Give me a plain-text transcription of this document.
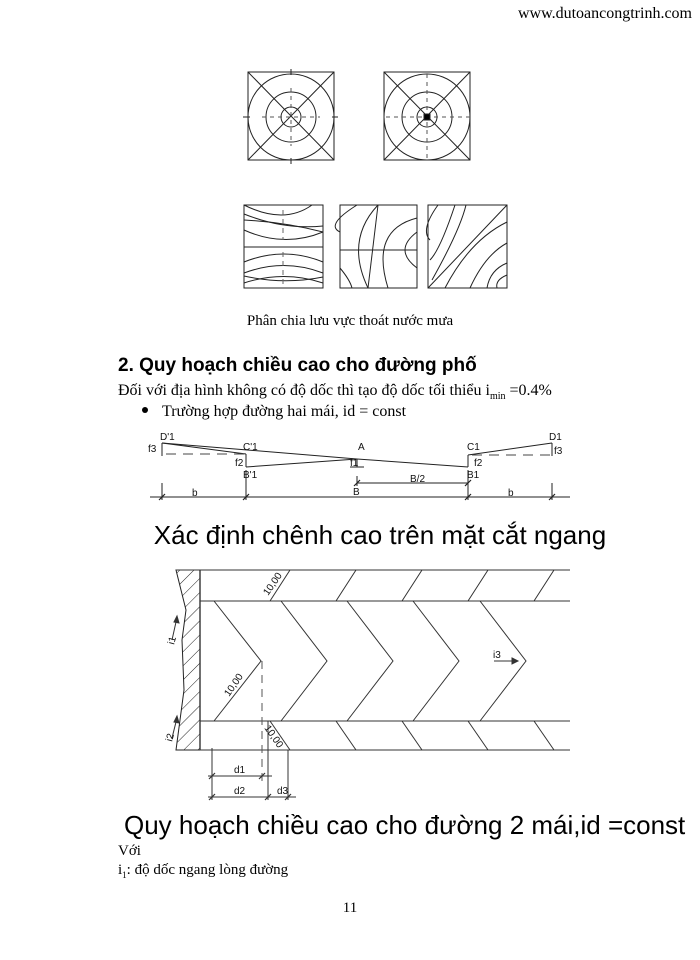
www.dutoancongtrinh.com
Phân chia lưu vực thoát nước mưa
2. Quy hoạch chiều cao cho đường phố
Đối với địa hình không có độ dốc thì tạo độ dốc tối thiểu $i_{min} =0.4\%$
Trường hợp đường hai mái, id = const
D'1
f3	C'1
f2
B'1
A
f1
B
B/2
C1
f2
B1
D1
f3
b	b
Xác định chênh cao trên mặt cắt ngang
10,00
10,00
10,00
i1
i2
i3
d1
d2	d3
Quy hoạch chiều cao cho đường 2 mái,id =const
Với
$i_1$: độ dốc ngang lòng đường
11
